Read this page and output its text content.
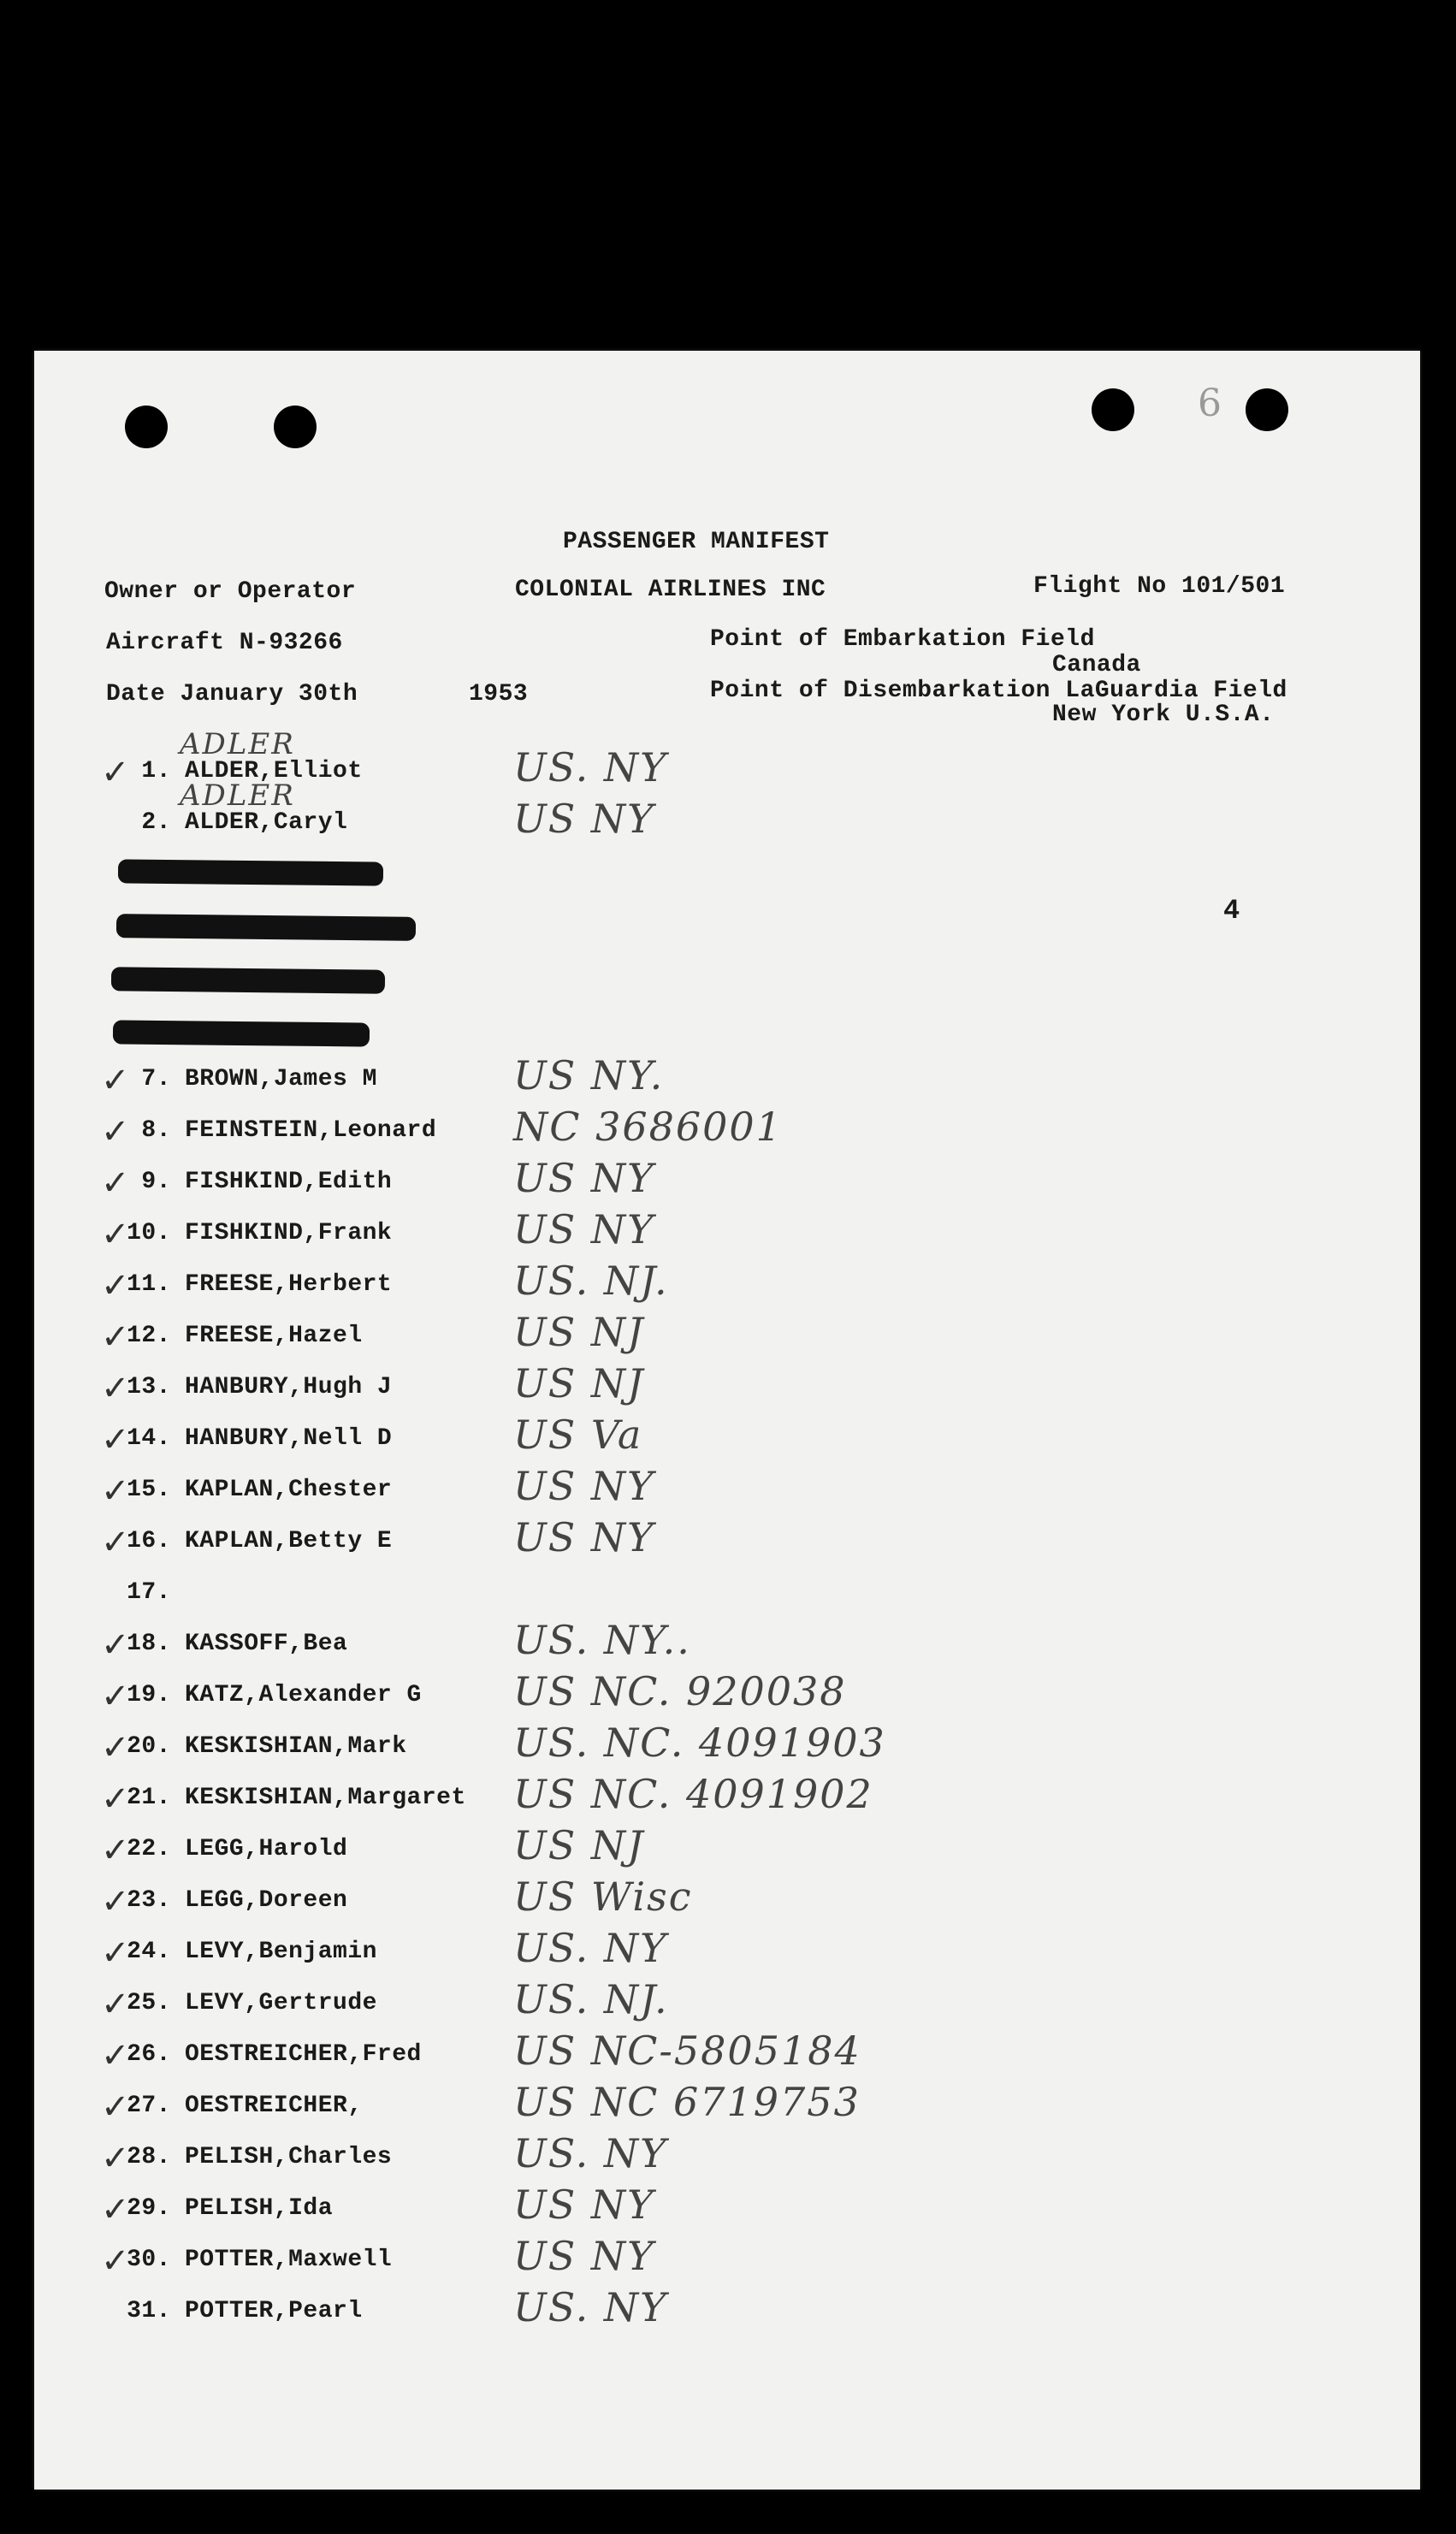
6
PASSENGER MANIFEST
Owner or Operator	COLONIAL AIRLINES INC	Flight No 101/501
Aircraft N-93266	Point of Embarkation Field
Canada
Date January 30th	1953	Point of Disembarkation LaGuardia Field
New York U.S.A.
4
1. ALDER,Elliot	US. NY
ADLER
✓
2. ALDER,Caryl	US NY
ADLER
7. BROWN,James M	US NY.
✓
8. FEINSTEIN,Leonard NC 3686001
✓
9. FISHKIND,Edith	US NY
✓
10. FISHKIND,Frank	US NY
✓
11. FREESE,Herbert	US. NJ.
✓
12. FREESE,Hazel	US NJ
✓
13. HANBURY,Hugh J	US NJ
✓
14. HANBURY,Nell D	US Va
✓
15. KAPLAN,Chester	US NY
✓
16. KAPLAN,Betty E	US NY
✓
17.
18. KASSOFF,Bea	US. NY..
✓
19. KATZ,Alexander G US NC. 920038
✓
20. KESKISHIAN,Mark	US. NC. 4091903
✓
21. KESKISHIAN,Margaret US NC. 4091902
✓
22. LEGG,Harold	US NJ
✓
23. LEGG,Doreen	US Wisc
✓
24. LEVY,Benjamin	US. NY
✓
25. LEVY,Gertrude	US. NJ.
✓
26. OESTREICHER,Fred US NC-5805184
✓
27. OESTREICHER,	US NC 6719753
✓
28. PELISH,Charles	US. NY
✓
29. PELISH,Ida	US NY
✓
30. POTTER,Maxwell	US NY
✓
31. POTTER,Pearl	US. NY
